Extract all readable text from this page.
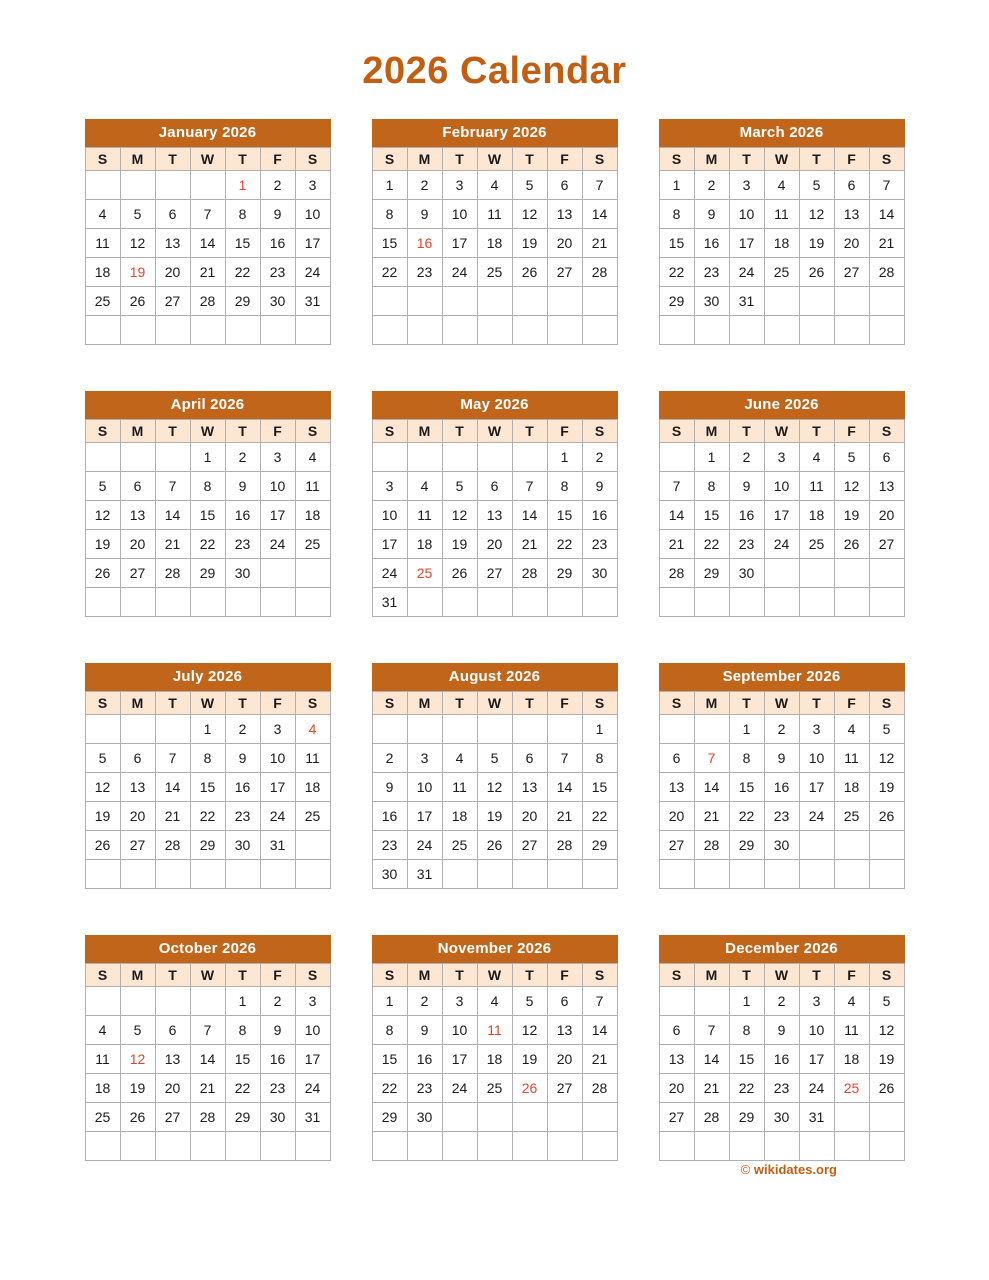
2026 Calendar
January 2026
S	M	T	W	T	F	S
				1	2	3
4	5	6	7	8	9	10
11	12	13	14	15	16	17
18	19	20	21	22	23	24
25	26	27	28	29	30	31

February 2026
S	M	T	W	T	F	S
1	2	3	4	5	6	7
8	9	10	11	12	13	14
15	16	17	18	19	20	21
22	23	24	25	26	27	28

March 2026
S	M	T	W	T	F	S
1	2	3	4	5	6	7
8	9	10	11	12	13	14
15	16	17	18	19	20	21
22	23	24	25	26	27	28
29	30	31				

April 2026
S	M	T	W	T	F	S
			1	2	3	4
5	6	7	8	9	10	11
12	13	14	15	16	17	18
19	20	21	22	23	24	25
26	27	28	29	30		

May 2026
S	M	T	W	T	F	S
					1	2
3	4	5	6	7	8	9
10	11	12	13	14	15	16
17	18	19	20	21	22	23
24	25	26	27	28	29	30
31						
June 2026
S	M	T	W	T	F	S
	1	2	3	4	5	6
7	8	9	10	11	12	13
14	15	16	17	18	19	20
21	22	23	24	25	26	27
28	29	30				

July 2026
S	M	T	W	T	F	S
			1	2	3	4
5	6	7	8	9	10	11
12	13	14	15	16	17	18
19	20	21	22	23	24	25
26	27	28	29	30	31	

August 2026
S	M	T	W	T	F	S
						1
2	3	4	5	6	7	8
9	10	11	12	13	14	15
16	17	18	19	20	21	22
23	24	25	26	27	28	29
30	31					
September 2026
S	M	T	W	T	F	S
		1	2	3	4	5
6	7	8	9	10	11	12
13	14	15	16	17	18	19
20	21	22	23	24	25	26
27	28	29	30			

October 2026
S	M	T	W	T	F	S
				1	2	3
4	5	6	7	8	9	10
11	12	13	14	15	16	17
18	19	20	21	22	23	24
25	26	27	28	29	30	31

November 2026
S	M	T	W	T	F	S
1	2	3	4	5	6	7
8	9	10	11	12	13	14
15	16	17	18	19	20	21
22	23	24	25	26	27	28
29	30					

December 2026
S	M	T	W	T	F	S
		1	2	3	4	5
6	7	8	9	10	11	12
13	14	15	16	17	18	19
20	21	22	23	24	25	26
27	28	29	30	31		

© wikidates.org
